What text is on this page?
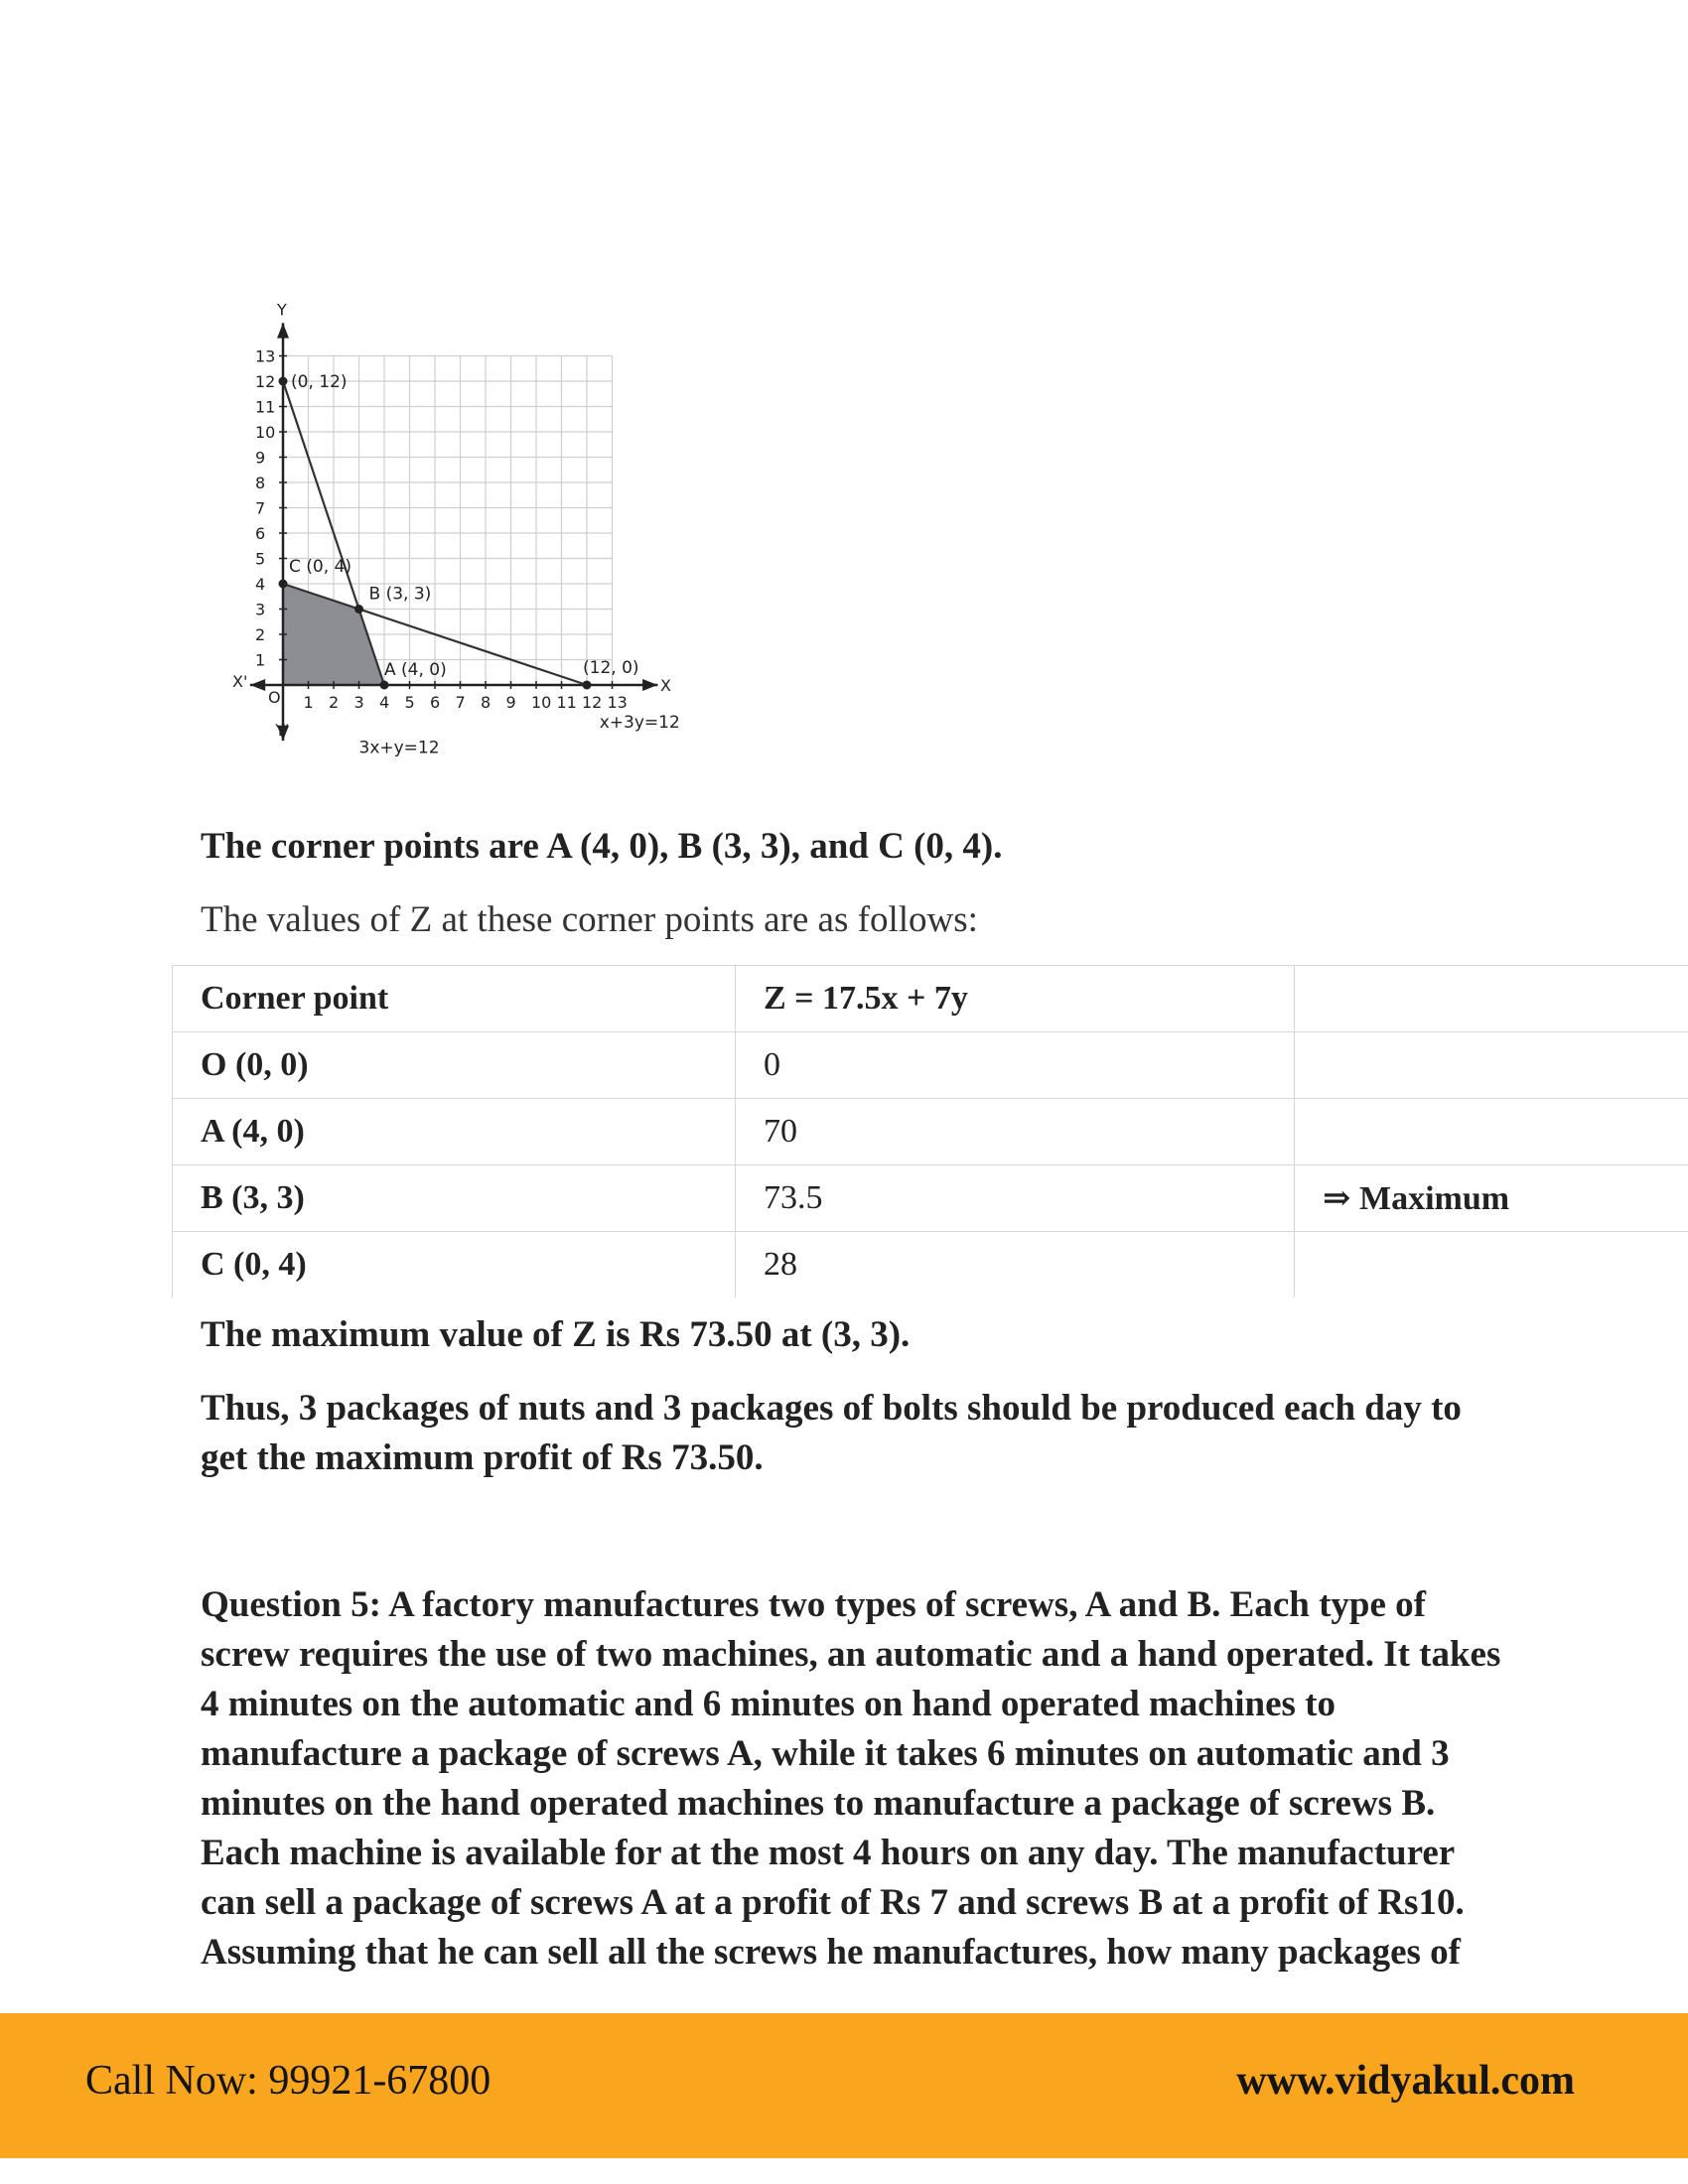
Y
Y'
X
X'
O 1
1
2
2
3
3
4
4
5
5
6
6
7
7
8
8
9
9
10
10
11
11
12
12
13
13
x+3y=12
3x+y=12
(0, 12)
C (0, 4)
B (3, 3)
A (4, 0)	(12, 0)

The corner points are A (4, 0), B (3, 3), and C (0, 4).

The values of Z at these corner points are as follows:

Corner point	Z = 17.5x + 7y	
O (0, 0)	0	
A (4, 0)	70	
B (3, 3)	73.5	⇒ Maximum
C (0, 4)	28	

The maximum value of Z is Rs 73.50 at (3, 3).

Thus, 3 packages of nuts and 3 packages of bolts should be produced each day to get the maximum profit of Rs 73.50.

Question 5: A factory manufactures two types of screws, A and B. Each type of screw requires the use of two machines, an automatic and a hand operated. It takes 4 minutes on the automatic and 6 minutes on hand operated machines to manufacture a package of screws A, while it takes 6 minutes on automatic and 3 minutes on the hand operated machines to manufacture a package of screws B. Each machine is available for at the most 4 hours on any day. The manufacturer can sell a package of screws A at a profit of Rs 7 and screws B at a profit of Rs10. Assuming that he can sell all the screws he manufactures, how many packages of

Call Now: 99921-67800	www.vidyakul.com
